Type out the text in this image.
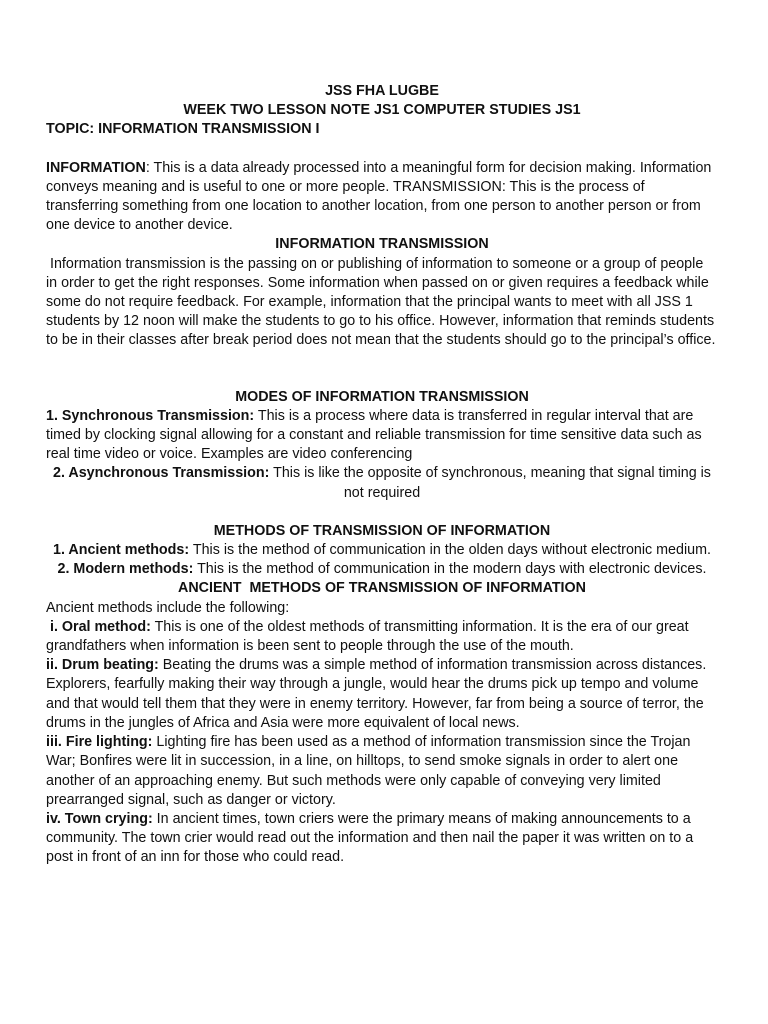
JSS FHA LUGBE
WEEK TWO LESSON NOTE JS1 COMPUTER STUDIES JS1
TOPIC: INFORMATION TRANSMISSION I

INFORMATION: This is a data already processed into a meaningful form for decision making. Information conveys meaning and is useful to one or more people. TRANSMISSION: This is the process of transferring something from one location to another location, from one person to another person or from one device to another device.

INFORMATION TRANSMISSION

Information transmission is the passing on or publishing of information to someone or a group of people in order to get the right responses. Some information when passed on or given requires a feedback while some do not require feedback. For example, information that the principal wants to meet with all JSS 1 students by 12 noon will make the students to go to his office. However, information that reminds students to be in their classes after break period does not mean that the students should go to the principal’s office.

MODES OF INFORMATION TRANSMISSION

1. Synchronous Transmission: This is a process where data is transferred in regular interval that are timed by clocking signal allowing for a constant and reliable transmission for time sensitive data such as real time video or voice. Examples are video conferencing

2. Asynchronous Transmission: This is like the opposite of synchronous, meaning that signal timing is not required

METHODS OF TRANSMISSION OF INFORMATION

1. Ancient methods: This is the method of communication in the olden days without electronic medium.

2. Modern methods: This is the method of communication in the modern days with electronic devices.

ANCIENT  METHODS OF TRANSMISSION OF INFORMATION
Ancient methods include the following:

i. Oral method: This is one of the oldest methods of transmitting information. It is the era of our great grandfathers when information is been sent to people through the use of the mouth.

ii. Drum beating: Beating the drums was a simple method of information transmission across distances. Explorers, fearfully making their way through a jungle, would hear the drums pick up tempo and volume and that would tell them that they were in enemy territory. However, far from being a source of terror, the drums in the jungles of Africa and Asia were more equivalent of local news.

iii. Fire lighting: Lighting fire has been used as a method of information transmission since the Trojan War; Bonfires were lit in succession, in a line, on hilltops, to send smoke signals in order to alert one another of an approaching enemy. But such methods were only capable of conveying very limited prearranged signal, such as danger or victory.

iv. Town crying: In ancient times, town criers were the primary means of making announcements to a community. The town crier would read out the information and then nail the paper it was written on to a post in front of an inn for those who could read.
